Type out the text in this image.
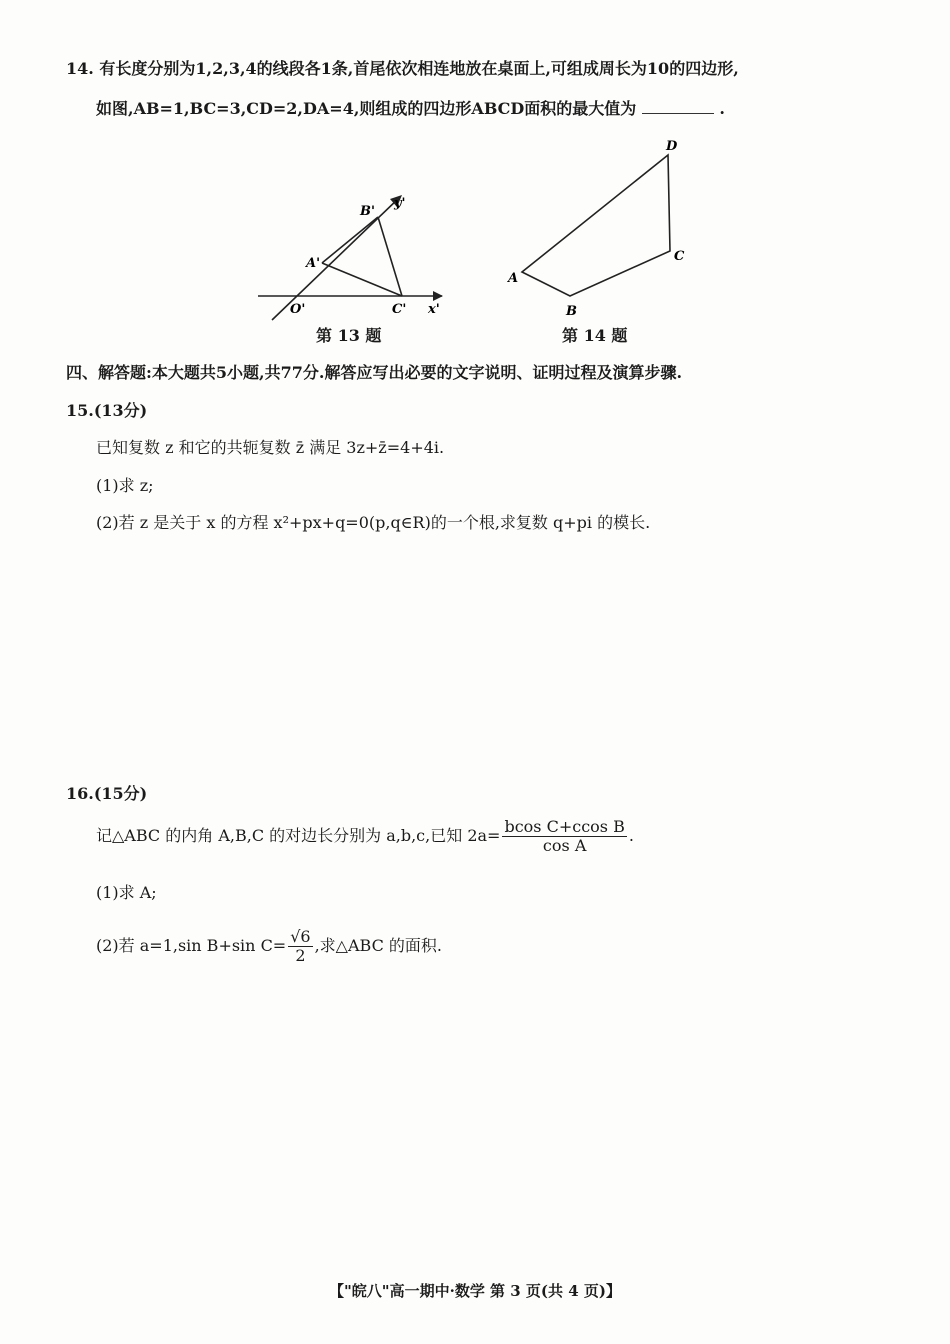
14. 有长度分别为1,2,3,4的线段各1条,首尾依次相连地放在桌面上,可组成周长为10的四边形,
如图,AB=1,BC=3,CD=2,DA=4,则组成的四边形ABCD面积的最大值为	.
O'
A'
B'
C' x'
y'
第 13 题
A
B
C
D
第 14 题
四、解答题:本大题共5小题,共77分.解答应写出必要的文字说明、证明过程及演算步骤.
15.(13分)
已知复数 z 和它的共轭复数 z̄ 满足 3z+z̄=4+4i.
(1)求 z;
(2)若 z 是关于 x 的方程 x²+px+q=0(p,q∈R)的一个根,求复数 q+pi 的模长.
16.(15分)
记△ABC 的内角 A,B,C 的对边长分别为 a,b,c,已知 $2a= \frac{\text{bcos C+ccos B}}{\text{cos A}}$ .
(1)求 A;
(2)若 a=1,sin B+sin $C= \frac{√6}{2}$ ,求△ABC 的面积.
【"皖八"高一期中·数学 第 3 页(共 4 页)】
